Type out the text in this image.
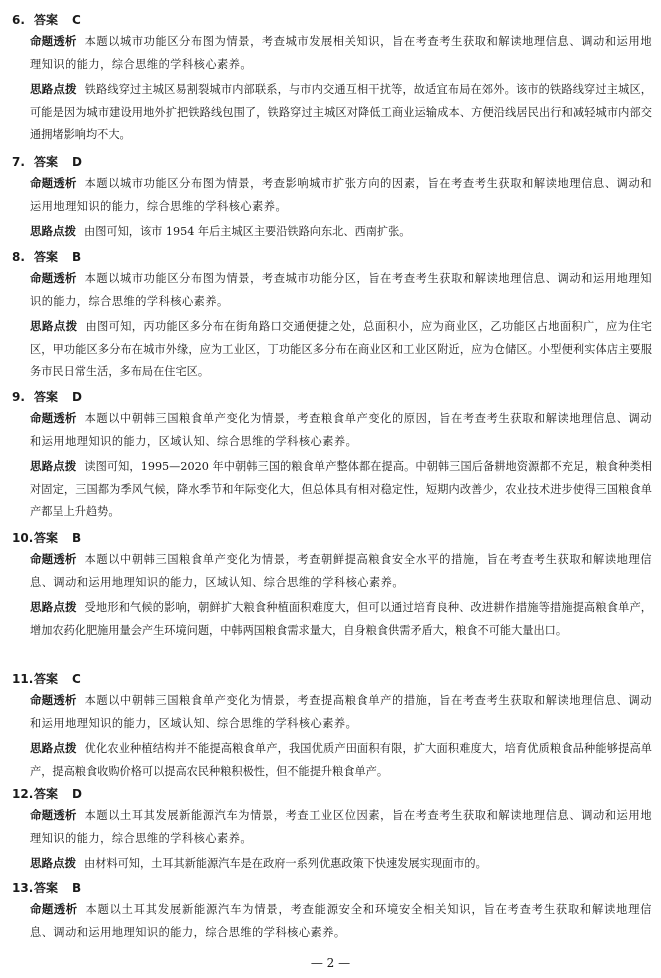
6. 答案 C
命题透析 本题以城市功能区分布图为情景，考查城市发展相关知识，旨在考查考生获取和解读地理信息、调动和运用地理知识的能力，综合思维的学科核心素养。
思路点拨 铁路线穿过主城区易割裂城市内部联系，与市内交通互相干扰等，故适宜布局在郊外。该市的铁路线穿过主城区，可能是因为城市建设用地外扩把铁路线包围了，铁路穿过主城区对降低工商业运输成本、方便沿线居民出行和减轻城市内部交通拥堵影响均不大。
7. 答案 D
命题透析 本题以城市功能区分布图为情景，考查影响城市扩张方向的因素，旨在考查考生获取和解读地理信息、调动和运用地理知识的能力，综合思维的学科核心素养。
思路点拨 由图可知，该市 1954 年后主城区主要沿铁路向东北、西南扩张。
8. 答案 B
命题透析 本题以城市功能区分布图为情景，考查城市功能分区，旨在考查考生获取和解读地理信息、调动和运用地理知识的能力，综合思维的学科核心素养。
思路点拨 由图可知，丙功能区多分布在街角路口交通便捷之处，总面积小，应为商业区，乙功能区占地面积广，应为住宅区，甲功能区多分布在城市外缘，应为工业区，丁功能区多分布在商业区和工业区附近，应为仓储区。小型便利实体店主要服务市民日常生活，多布局在住宅区。
9. 答案 D
命题透析 本题以中朝韩三国粮食单产变化为情景，考查粮食单产变化的原因，旨在考查考生获取和解读地理信息、调动和运用地理知识的能力，区域认知、综合思维的学科核心素养。
思路点拨 读图可知，1995—2020 年中朝韩三国的粮食单产整体都在提高。中朝韩三国后备耕地资源都不充足，粮食种类相对固定，三国都为季风气候，降水季节和年际变化大，但总体具有相对稳定性，短期内改善少，农业技术进步使得三国粮食单产都呈上升趋势。
10.答案 B
命题透析 本题以中朝韩三国粮食单产变化为情景，考查朝鲜提高粮食安全水平的措施，旨在考查考生获取和解读地理信息、调动和运用地理知识的能力，区域认知、综合思维的学科核心素养。
思路点拨 受地形和气候的影响，朝鲜扩大粮食种植面积难度大，但可以通过培育良种、改进耕作措施等措施提高粮食单产，增加农药化肥施用量会产生环境问题，中韩两国粮食需求量大，自身粮食供需矛盾大，粮食不可能大量出口。
11.答案 C
命题透析 本题以中朝韩三国粮食单产变化为情景，考查提高粮食单产的措施，旨在考查考生获取和解读地理信息、调动和运用地理知识的能力，区域认知、综合思维的学科核心素养。
思路点拨 优化农业种植结构并不能提高粮食单产，我国优质产田面积有限，扩大面积难度大，培育优质粮食品种能够提高单产，提高粮食收购价格可以提高农民种粮积极性，但不能提升粮食单产。
12.答案 D
命题透析 本题以土耳其发展新能源汽车为情景，考查工业区位因素，旨在考查考生获取和解读地理信息、调动和运用地理知识的能力，综合思维的学科核心素养。
思路点拨 由材料可知，土耳其新能源汽车是在政府一系列优惠政策下快速发展实现面市的。
13.答案 B
命题透析 本题以土耳其发展新能源汽车为情景，考查能源安全和环境安全相关知识，旨在考查考生获取和解读地理信息、调动和运用地理知识的能力，综合思维的学科核心素养。
— 2 —
